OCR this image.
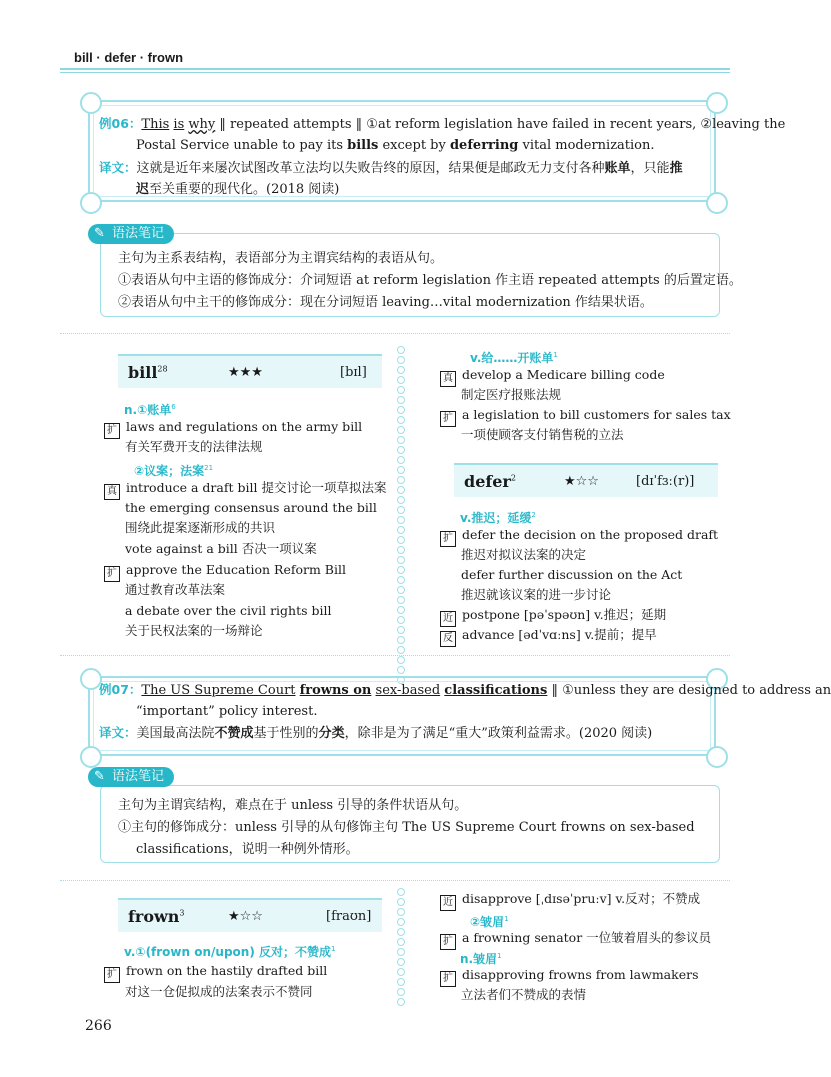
bill · defer · frown
例06：This is why ‖ repeated attempts ‖ ①at reform legislation have failed in recent years, ②leaving the
Postal Service unable to pay its bills except by deferring vital modernization.
译文：这就是近年来屡次试图改革立法均以失败告终的原因，结果便是邮政无力支付各种账单，只能推
迟至关重要的现代化。(2018 阅读)
✎ 语法笔记
主句为主系表结构，表语部分为主谓宾结构的表语从句。
①表语从句中主语的修饰成分：介词短语 at reform legislation 作主语 repeated attempts 的后置定语。
②表语从句中主干的修饰成分：现在分词短语 leaving…vital modernization 作结果状语。
bill$^{28}$	★★★	[bɪl]
n.①账单$^6$
扩 laws and regulations on the army bill
有关军费开支的法律法规
②议案；法案$^{21}$
真 introduce a draft bill 提交讨论一项草拟法案
the emerging consensus around the bill
围绕此提案逐渐形成的共识
vote against a bill 否决一项议案
扩 approve the Education Reform Bill
通过教育改革法案
a debate over the civil rights bill
关于民权法案的一场辩论
v.给……开账单$^1$
真 develop a Medicare billing code
制定医疗报账法规
扩 a legislation to bill customers for sales tax
一项使顾客支付销售税的立法
defer$^2$	★☆☆	[dɪˈfɜː(r)]
v.推迟；延缓$^2$
扩 defer the decision on the proposed draft
推迟对拟议法案的决定
defer further discussion on the Act
推迟就该议案的进一步讨论
近 postpone [pəˈspəʊn] v.推迟；延期
反 advance [ədˈvɑːns] v.提前；提早
例07：The US Supreme Court frowns on sex-based classifications ‖ ①unless they are designed to address an
“important” policy interest.
译文：美国最高法院不赞成基于性别的分类，除非是为了满足“重大”政策利益需求。(2020 阅读)
✎ 语法笔记
主句为主谓宾结构，难点在于 unless 引导的条件状语从句。
①主句的修饰成分：unless 引导的从句修饰主句 The US Supreme Court frowns on sex-based
classifications，说明一种例外情形。
frown$^3$	★☆☆	[fraʊn]
v.①(frown on/upon) 反对；不赞成$^1$
扩 frown on the hastily drafted bill
对这一仓促拟成的法案表示不赞同
近 disapprove [ˌdɪsəˈpruːv] v.反对；不赞成
②皱眉$^1$
扩 a frowning senator 一位皱着眉头的参议员
n.皱眉$^1$
扩 disapproving frowns from lawmakers
立法者们不赞成的表情
266
